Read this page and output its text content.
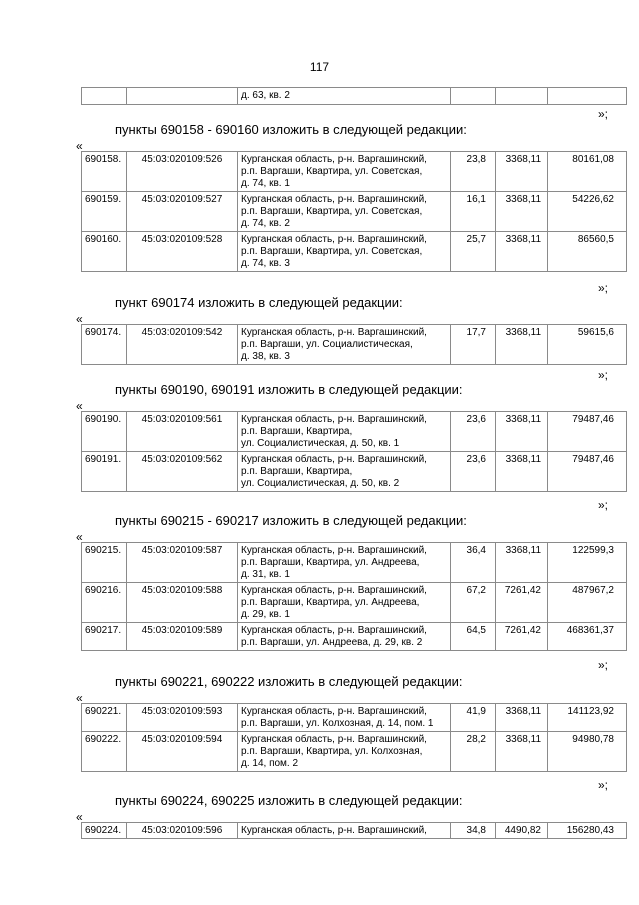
117
		д. 63, кв. 2			
»;
пункты 690158 - 690160 изложить в следующей редакции:
«
690158.	45:03:020109:526	Курганская область, р-н. Варгашинский,
р.п. Варгаши, Квартира, ул. Советская,
д. 74, кв. 1	23,8	3368,11	80161,08
690159.	45:03:020109:527	Курганская область, р-н. Варгашинский,
р.п. Варгаши, Квартира, ул. Советская,
д. 74, кв. 2	16,1	3368,11	54226,62
690160.	45:03:020109:528	Курганская область, р-н. Варгашинский,
р.п. Варгаши, Квартира, ул. Советская,
д. 74, кв. 3	25,7	3368,11	86560,5
»;
пункт 690174 изложить в следующей редакции:
«
690174.	45:03:020109:542	Курганская область, р-н. Варгашинский,
р.п. Варгаши, ул. Социалистическая,
д. 38, кв. 3
	17,7	3368,11	59615,6
»;
пункты 690190, 690191 изложить в следующей редакции:
«
690190.	45:03:020109:561	Курганская область, р-н. Варгашинский,
р.п. Варгаши, Квартира,
ул. Социалистическая, д. 50, кв. 1	23,6	3368,11	79487,46
690191.	45:03:020109:562	Курганская область, р-н. Варгашинский,
р.п. Варгаши, Квартира,
ул. Социалистическая, д. 50, кв. 2	23,6	3368,11	79487,46
»;
пункты 690215 - 690217 изложить в следующей редакции:
«
690215.	45:03:020109:587	Курганская область, р-н. Варгашинский,
р.п. Варгаши, Квартира, ул. Андреева,
д. 31, кв. 1	36,4	3368,11	122599,3
690216.	45:03:020109:588	Курганская область, р-н. Варгашинский,
р.п. Варгаши, Квартира, ул. Андреева,
д. 29, кв. 1	67,2	7261,42	487967,2
690217.	45:03:020109:589	Курганская область, р-н. Варгашинский,
р.п. Варгаши, ул. Андреева, д. 29, кв. 2	64,5	7261,42	468361,37
»;
пункты 690221, 690222 изложить в следующей редакции:
«
690221.	45:03:020109:593	Курганская область, р-н. Варгашинский,
р.п. Варгаши, ул. Колхозная, д. 14, пом. 1	41,9	3368,11	141123,92
690222.	45:03:020109:594	Курганская область, р-н. Варгашинский,
р.п. Варгаши, Квартира, ул. Колхозная,
д. 14, пом. 2	28,2	3368,11	94980,78
»;
пункты 690224, 690225 изложить в следующей редакции:
«
690224.	45:03:020109:596	Курганская область, р-н. Варгашинский,	34,8	4490,82	156280,43
